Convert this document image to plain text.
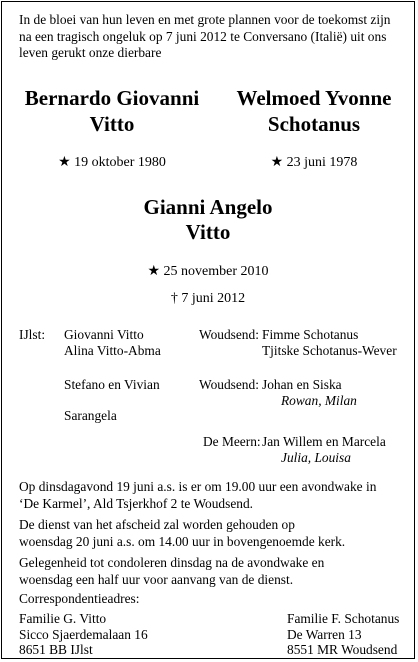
In de bloei van hun leven en met grote plannen voor de toekomst zijn
na een tragisch ongeluk op 7 juni 2012 te Conversano (Italië) uit ons
leven gerukt onze dierbare
Bernardo Giovanni
Vitto
★ 19 oktober 1980
Welmoed Yvonne
Schotanus
★ 23 juni 1978
Gianni Angelo
Vitto
★ 25 november 2010
† 7 juni 2012
IJlst: Giovanni Vitto
Alina Vitto-Abma
Stefano en Vivian
Sarangela
Woudsend: Fimme Schotanus
Tjitske Schotanus-Wever
Woudsend: Johan en Siska
Rowan, Milan
De Meern: Jan Willem en Marcela
Julia, Louisa
Op dinsdagavond 19 juni a.s. is er om 19.00 uur een avondwake in
‘De Karmel’, Ald Tsjerkhof 2 te Woudsend.
De dienst van het afscheid zal worden gehouden op
woensdag 20 juni a.s. om 14.00 uur in bovengenoemde kerk.
Gelegenheid tot condoleren dinsdag na de avondwake en
woensdag een half uur voor aanvang van de dienst.
Correspondentieadres:
Familie G. Vitto
Sicco Sjaerdemalaan 16
8651 BB IJlst
Familie F. Schotanus
De Warren 13
8551 MR Woudsend
